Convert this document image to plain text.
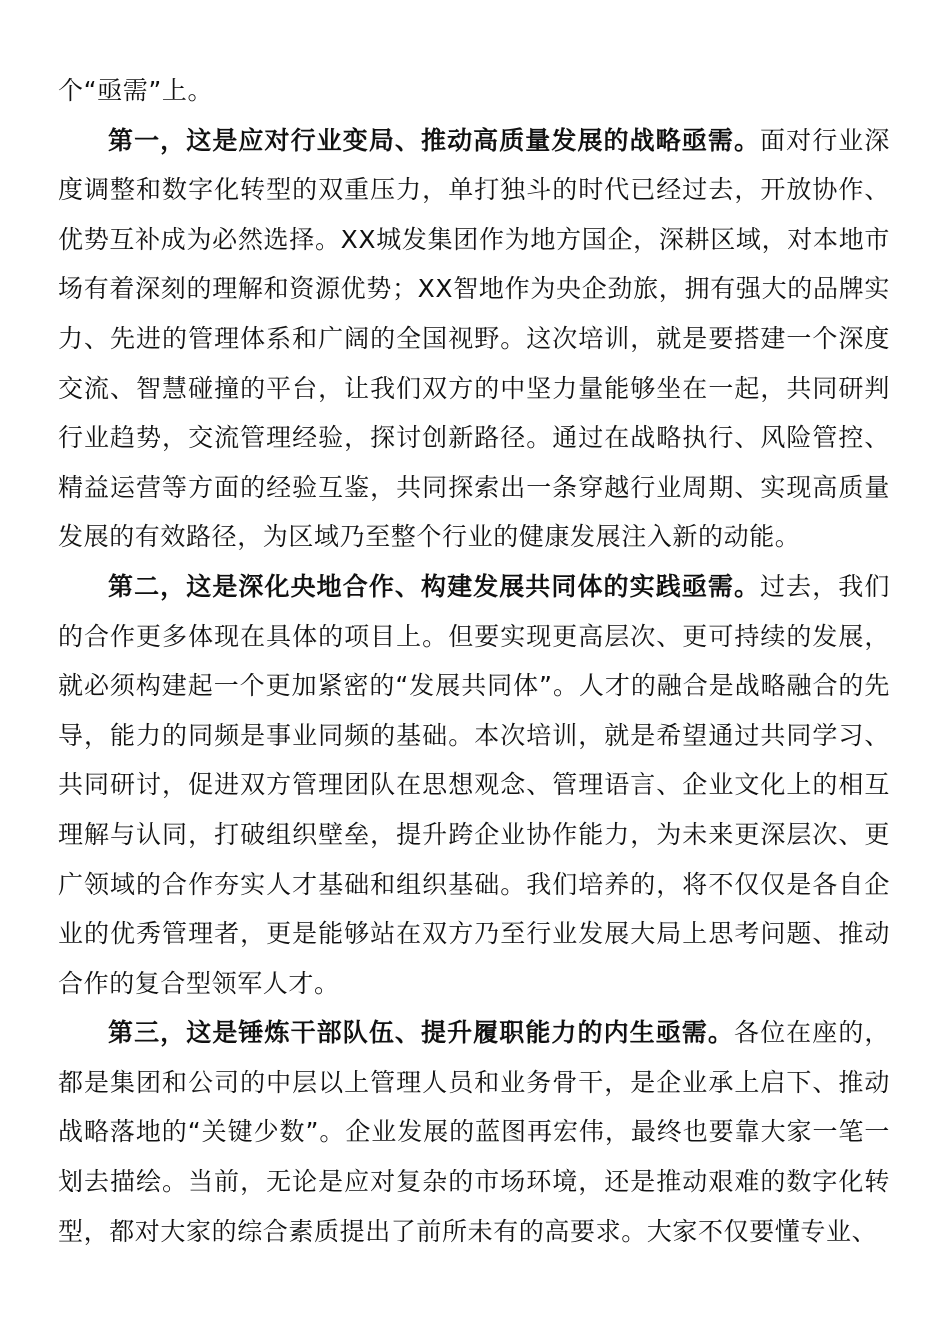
个“亟需”上。

第一，这是应对行业变局、推动高质量发展的战略亟需。面对行业深度调整和数字化转型的双重压力，单打独斗的时代已经过去，开放协作、优势互补成为必然选择。XX城发集团作为地方国企，深耕区域，对本地市场有着深刻的理解和资源优势；XX智地作为央企劲旅，拥有强大的品牌实力、先进的管理体系和广阔的全国视野。这次培训，就是要搭建一个深度交流、智慧碰撞的平台，让我们双方的中坚力量能够坐在一起，共同研判行业趋势，交流管理经验，探讨创新路径。通过在战略执行、风险管控、精益运营等方面的经验互鉴，共同探索出一条穿越行业周期、实现高质量发展的有效路径，为区域乃至整个行业的健康发展注入新的动能。

第二，这是深化央地合作、构建发展共同体的实践亟需。过去，我们的合作更多体现在具体的项目上。但要实现更高层次、更可持续的发展，就必须构建起一个更加紧密的“发展共同体”。人才的融合是战略融合的先导，能力的同频是事业同频的基础。本次培训，就是希望通过共同学习、共同研讨，促进双方管理团队在思想观念、管理语言、企业文化上的相互理解与认同，打破组织壁垒，提升跨企业协作能力，为未来更深层次、更广领域的合作夯实人才基础和组织基础。我们培养的，将不仅仅是各自企业的优秀管理者，更是能够站在双方乃至行业发展大局上思考问题、推动合作的复合型领军人才。

第三，这是锤炼干部队伍、提升履职能力的内生亟需。各位在座的，都是集团和公司的中层以上管理人员和业务骨干，是企业承上启下、推动战略落地的“关键少数”。企业发展的蓝图再宏伟，最终也要靠大家一笔一划去描绘。当前，无论是应对复杂的市场环境，还是推动艰难的数字化转型，都对大家的综合素质提出了前所未有的高要求。大家不仅要懂专业、
